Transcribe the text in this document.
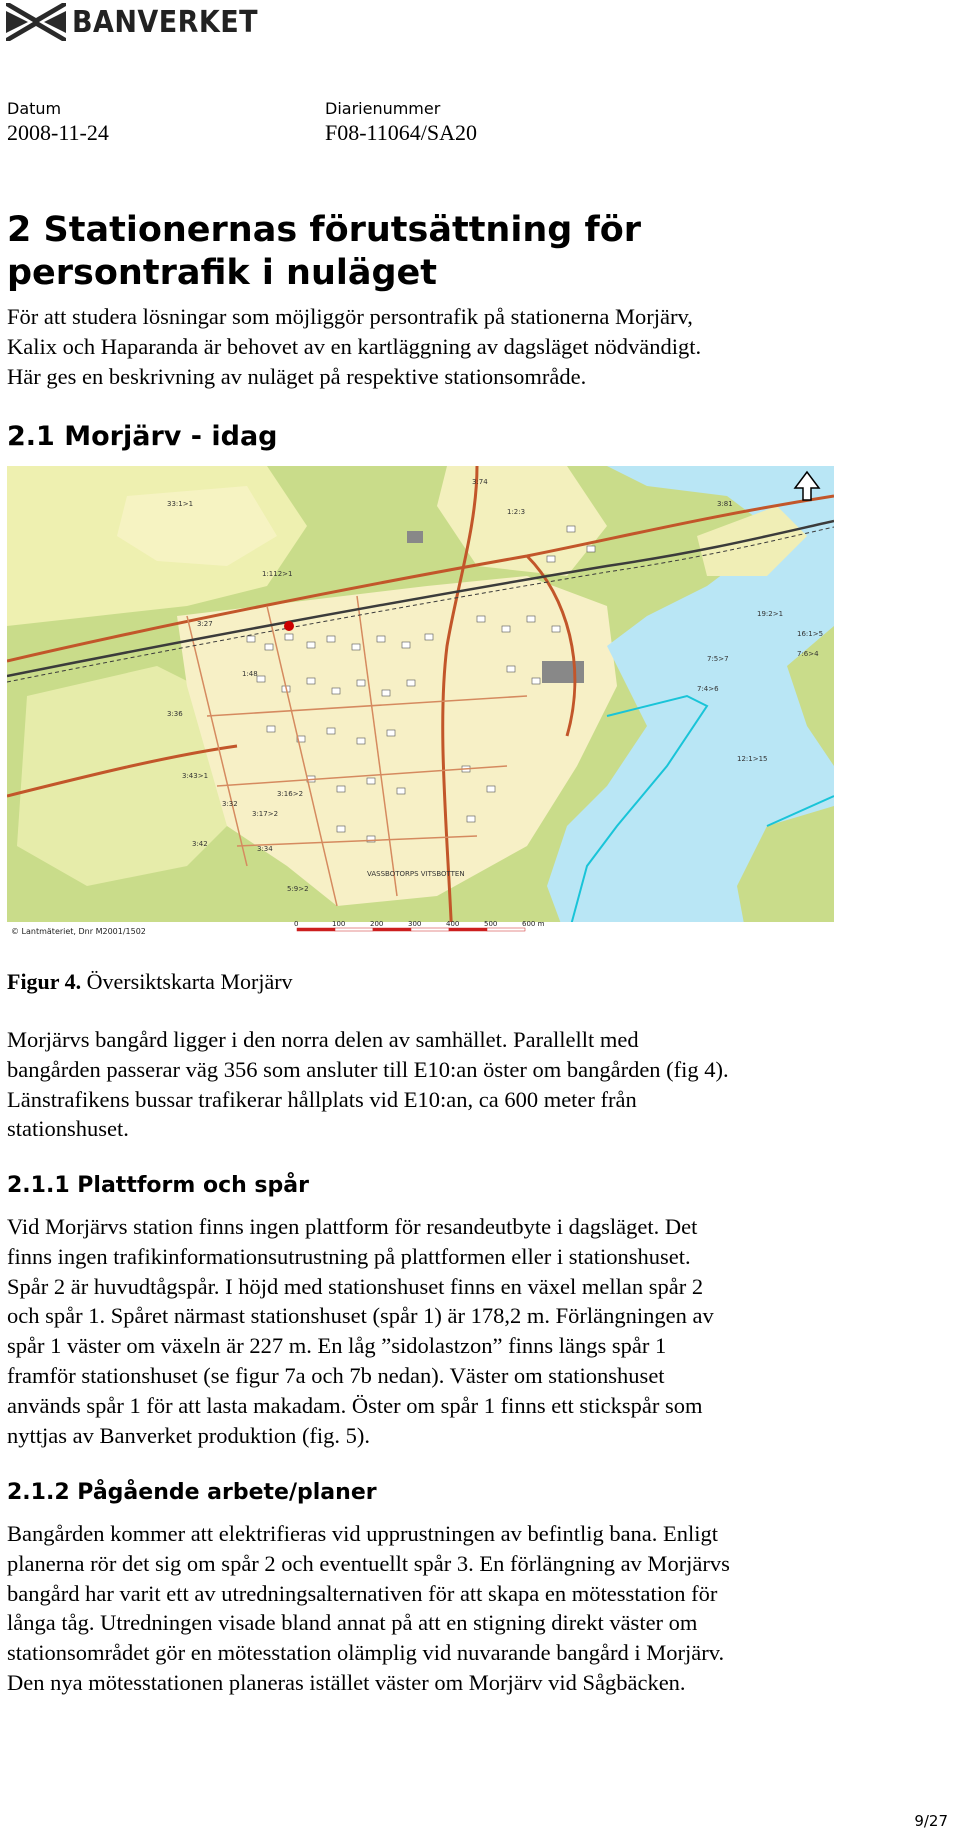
BANVERKET
Datum
2008-11-24
Diarienummer
F08-11064/SA20
2 Stationernas förutsättning för
persontrafik i nuläget

För att studera lösningar som möjliggör persontrafik på stationerna Morjärv,

Kalix och Haparanda är behovet av en kartläggning av dagsläget nödvändigt.

Här ges en beskrivning av nuläget på respektive stationsområde.

2.1 Morjärv - idag
33:1>1
1:112>1
1:2:3
3:74
3:81
19:2>1
16:1>5
7:6>4
7:5>7
7:4>6
12:1>15
3:36
3:43>1
3:32
3:42
3:34
5:9>2
3:17>2
3:16>2
3:27
1:48
VASSBOTORPS VITSBOTTEN
© Lantmäteriet, Dnr M2001/1502
0	100	200	300	400	500	600 m
Figur 4. Översiktskarta Morjärv

Morjärvs bangård ligger i den norra delen av samhället. Parallellt med

bangården passerar väg 356 som ansluter till E10:an öster om bangården (fig 4).

Länstrafikens bussar trafikerar hållplats vid E10:an, ca 600 meter från

stationshuset.

2.1.1 Plattform och spår

Vid Morjärvs station finns ingen plattform för resandeutbyte i dagsläget. Det

finns ingen trafikinformationsutrustning på plattformen eller i stationshuset.

Spår 2 är huvudtågspår. I höjd med stationshuset finns en växel mellan spår 2

och spår 1. Spåret närmast stationshuset (spår 1) är 178,2 m. Förlängningen av

spår 1 väster om växeln är 227 m. En låg ”sidolastzon” finns längs spår 1

framför stationshuset (se figur 7a och 7b nedan). Väster om stationshuset

används spår 1 för att lasta makadam. Öster om spår 1 finns ett stickspår som

nyttjas av Banverket produktion (fig. 5).

2.1.2 Pågående arbete/planer

Bangården kommer att elektrifieras vid upprustningen av befintlig bana. Enligt

planerna rör det sig om spår 2 och eventuellt spår 3. En förlängning av Morjärvs

bangård har varit ett av utredningsalternativen för att skapa en mötesstation för

långa tåg. Utredningen visade bland annat på att en stigning direkt väster om

stationsområdet gör en mötesstation olämplig vid nuvarande bangård i Morjärv.

Den nya mötesstationen planeras istället väster om Morjärv vid Sågbäcken.

9/27
